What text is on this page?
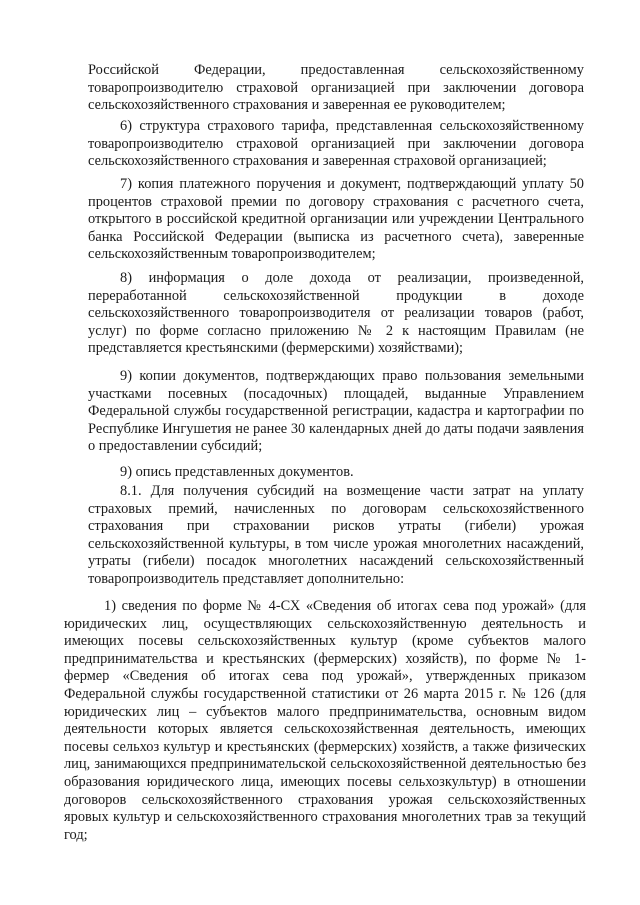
Российской Федерации, предоставленная сельскохозяйственному товаропроизводителю страховой организацией при заключении договора сельскохозяйственного страхования и заверенная ее руководителем;

6) структура страхового тарифа, представленная сельскохозяйственному товаропроизводителю страховой организацией при заключении договора сельскохозяйственного страхования и заверенная страховой организацией;

7) копия платежного поручения и документ, подтверждающий уплату 50 процентов страховой премии по договору страхования с расчетного счета, открытого в российской кредитной организации или учреждении Центрального банка Российской Федерации (выписка из расчетного счета), заверенные сельскохозяйственным товаропроизводителем;

8) информация о доле дохода от реализации, произведенной, переработанной сельскохозяйственной продукции в доходе сельскохозяйственного товаропроизводителя от реализации товаров (работ, услуг) по форме согласно приложению № 2 к настоящим Правилам (не представляется крестьянскими (фермерскими) хозяйствами);

9) копии документов, подтверждающих право пользования земельными участками посевных (посадочных) площадей, выданные Управлением Федеральной службы государственной регистрации, кадастра и картографии по Республике Ингушетия не ранее 30 календарных дней до даты подачи заявления о предоставлении субсидий;

9) опись представленных документов.

8.1. Для получения субсидий на возмещение части затрат на уплату страховых премий, начисленных по договорам сельскохозяйственного страхования при страховании рисков утраты (гибели) урожая сельскохозяйственной культуры, в том числе урожая многолетних насаждений, утраты (гибели) посадок многолетних насаждений сельскохозяйственный товаропроизводитель представляет дополнительно:

1) сведения по форме № 4-СХ «Сведения об итогах сева под урожай» (для юридических лиц, осуществляющих сельскохозяйственную деятельность и имеющих посевы сельскохозяйственных культур (кроме субъектов малого предпринимательства и крестьянских (фермерских) хозяйств), по форме № 1-фермер «Сведения об итогах сева под урожай», утвержденных приказом Федеральной службы государственной статистики от 26 марта 2015 г. № 126 (для юридических лиц – субъектов малого предпринимательства, основным видом деятельности которых является сельскохозяйственная деятельность, имеющих посевы сельхоз культур и крестьянских (фермерских) хозяйств, а также физических лиц, занимающихся предпринимательской сельскохозяйственной деятельностью без образования юридического лица, имеющих посевы сельхозкультур) в отношении договоров сельскохозяйственного страхования урожая сельскохозяйственных яровых культур и сельскохозяйственного страхования многолетних трав за текущий год;
